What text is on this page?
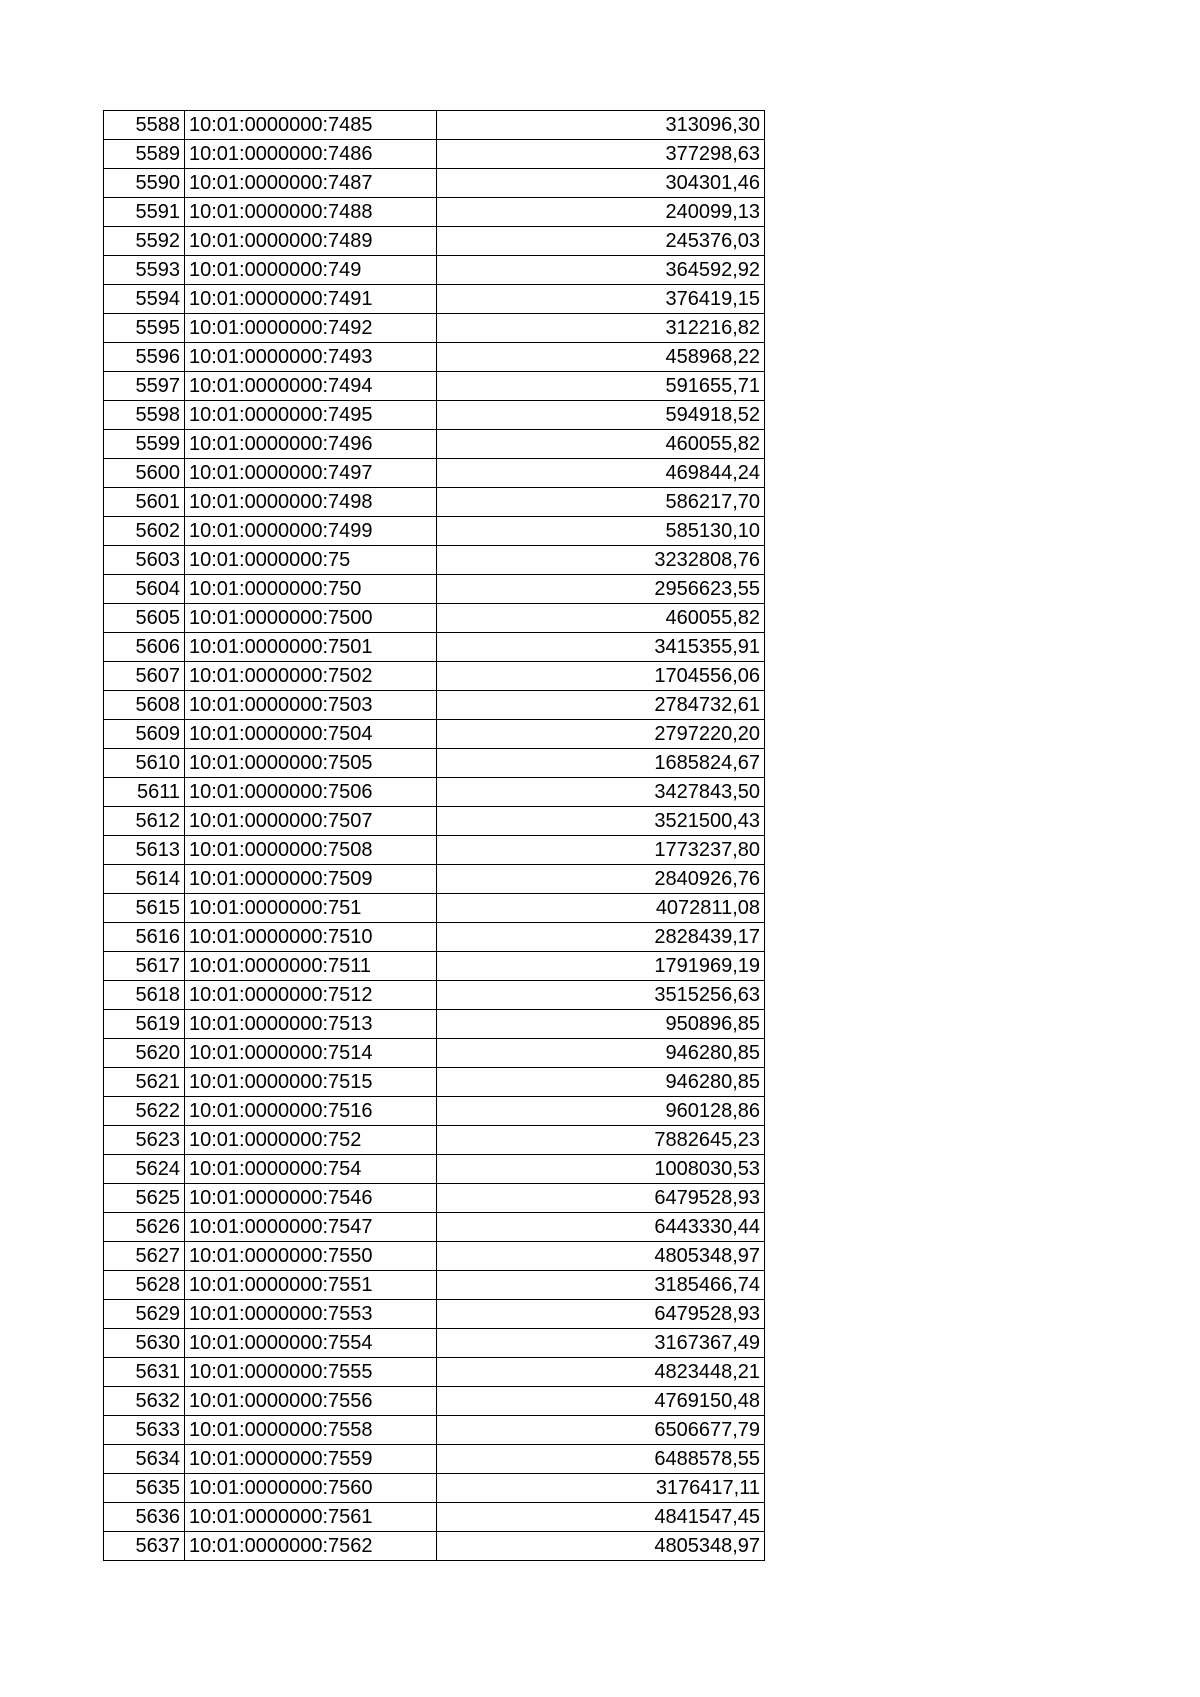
5588	10:01:0000000:7485	313096,30
5589	10:01:0000000:7486	377298,63
5590	10:01:0000000:7487	304301,46
5591	10:01:0000000:7488	240099,13
5592	10:01:0000000:7489	245376,03
5593	10:01:0000000:749	364592,92
5594	10:01:0000000:7491	376419,15
5595	10:01:0000000:7492	312216,82
5596	10:01:0000000:7493	458968,22
5597	10:01:0000000:7494	591655,71
5598	10:01:0000000:7495	594918,52
5599	10:01:0000000:7496	460055,82
5600	10:01:0000000:7497	469844,24
5601	10:01:0000000:7498	586217,70
5602	10:01:0000000:7499	585130,10
5603	10:01:0000000:75	3232808,76
5604	10:01:0000000:750	2956623,55
5605	10:01:0000000:7500	460055,82
5606	10:01:0000000:7501	3415355,91
5607	10:01:0000000:7502	1704556,06
5608	10:01:0000000:7503	2784732,61
5609	10:01:0000000:7504	2797220,20
5610	10:01:0000000:7505	1685824,67
5611	10:01:0000000:7506	3427843,50
5612	10:01:0000000:7507	3521500,43
5613	10:01:0000000:7508	1773237,80
5614	10:01:0000000:7509	2840926,76
5615	10:01:0000000:751	4072811,08
5616	10:01:0000000:7510	2828439,17
5617	10:01:0000000:7511	1791969,19
5618	10:01:0000000:7512	3515256,63
5619	10:01:0000000:7513	950896,85
5620	10:01:0000000:7514	946280,85
5621	10:01:0000000:7515	946280,85
5622	10:01:0000000:7516	960128,86
5623	10:01:0000000:752	7882645,23
5624	10:01:0000000:754	1008030,53
5625	10:01:0000000:7546	6479528,93
5626	10:01:0000000:7547	6443330,44
5627	10:01:0000000:7550	4805348,97
5628	10:01:0000000:7551	3185466,74
5629	10:01:0000000:7553	6479528,93
5630	10:01:0000000:7554	3167367,49
5631	10:01:0000000:7555	4823448,21
5632	10:01:0000000:7556	4769150,48
5633	10:01:0000000:7558	6506677,79
5634	10:01:0000000:7559	6488578,55
5635	10:01:0000000:7560	3176417,11
5636	10:01:0000000:7561	4841547,45
5637	10:01:0000000:7562	4805348,97
